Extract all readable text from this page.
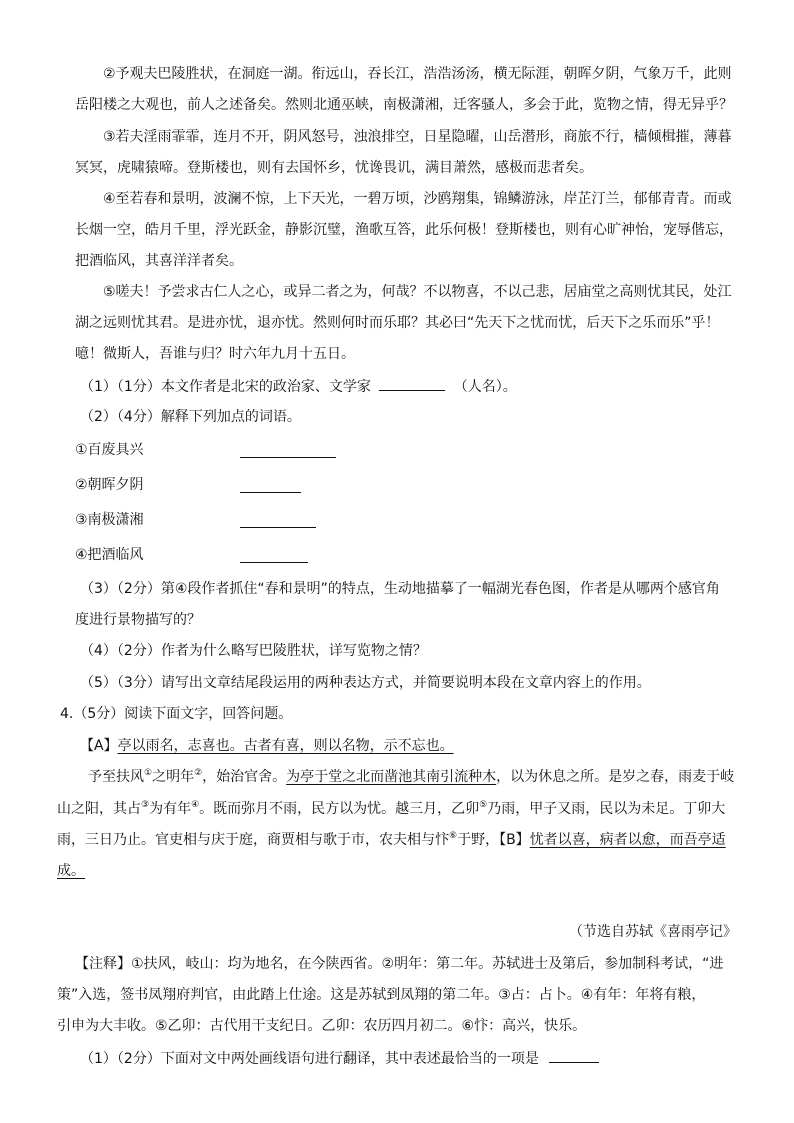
②予观夫巴陵胜状，在洞庭一湖。衔远山，吞长江，浩浩汤汤，横无际涯，朝晖夕阴，气象万千，此则
岳阳楼之大观也，前人之述备矣。然则北通巫峡，南极潇湘，迁客骚人，多会于此，览物之情，得无异乎？
③若夫淫雨霏霏，连月不开，阴风怒号，浊浪排空，日星隐曜，山岳潜形，商旅不行，樯倾楫摧，薄暮
冥冥，虎啸猿啼。登斯楼也，则有去国怀乡，忧谗畏讥，满目萧然，感极而悲者矣。
④至若春和景明，波澜不惊，上下天光，一碧万顷，沙鸥翔集，锦鳞游泳，岸芷汀兰，郁郁青青。而或
长烟一空，皓月千里，浮光跃金，静影沉璧，渔歌互答，此乐何极！登斯楼也，则有心旷神怡，宠辱偕忘，
把酒临风，其喜洋洋者矣。
⑤嗟夫！予尝求古仁人之心，或异二者之为，何哉？不以物喜，不以己悲，居庙堂之高则忧其民，处江
湖之远则忧其君。是进亦忧，退亦忧。然则何时而乐耶？其必曰“先天下之忧而忧，后天下之乐而乐”乎！
噫！微斯人，吾谁与归？时六年九月十五日。
（1）（1分）本文作者是北宋的政治家、文学家	（人名）。
（2）（4分）解释下列加点的词语。
①百废具兴
②朝晖夕阴
③南极潇湘
④把酒临风
（3）（2分）第④段作者抓住“春和景明”的特点，生动地描摹了一幅湖光春色图，作者是从哪两个感官角
度进行景物描写的？
（4）（2分）作者为什么略写巴陵胜状，详写览物之情？
（5）（3分）请写出文章结尾段运用的两种表达方式，并简要说明本段在文章内容上的作用。
4.（5分）阅读下面文字，回答问题。
【A】亭以雨名，志喜也。古者有喜，则以名物，示不忘也。
予至扶风①之明年②，始治官舍。为亭于堂之北而凿池其南引流种木，以为休息之所。是岁之春，雨麦于岐
山之阳，其占③为有年④。既而弥月不雨，民方以为忧。越三月，乙卯⑤乃雨，甲子又雨，民以为未足。丁卯大
雨，三日乃止。官吏相与庆于庭，商贾相与歌于市，农夫相与忭⑥于野，【B】忧者以喜，病者以愈，而吾亭适
成。
（节选自苏轼《喜雨亭记》
【注释】①扶风，岐山：均为地名，在今陕西省。②明年：第二年。苏轼进士及第后，参加制科考试，“进
策”入选，签书凤翔府判官，由此踏上仕途。这是苏轼到凤翔的第二年。③占：占卜。④有年：年将有粮，
引申为大丰收。⑤乙卯：古代用干支纪日。乙卯：农历四月初二。⑥忭：高兴，快乐。
（1）（2分）下面对文中两处画线语句进行翻译，其中表述最恰当的一项是
